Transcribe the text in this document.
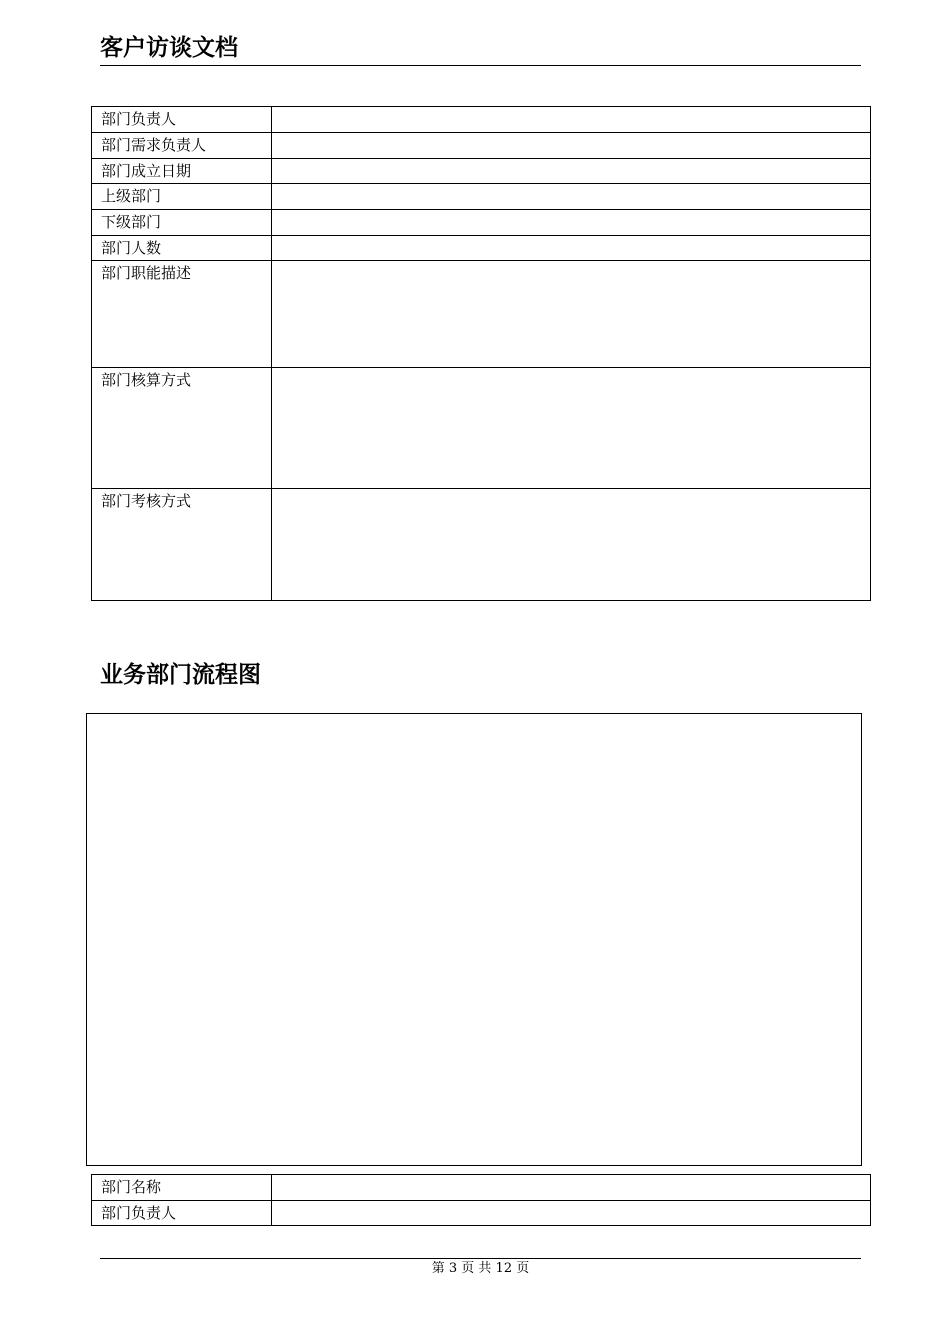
客户访谈文档
部门负责人	
部门需求负责人	
部门成立日期	
上级部门	
下级部门	
部门人数	
部门职能描述	
部门核算方式	
部门考核方式	
业务部门流程图
部门名称	
部门负责人	
第 3 页 共 12 页
